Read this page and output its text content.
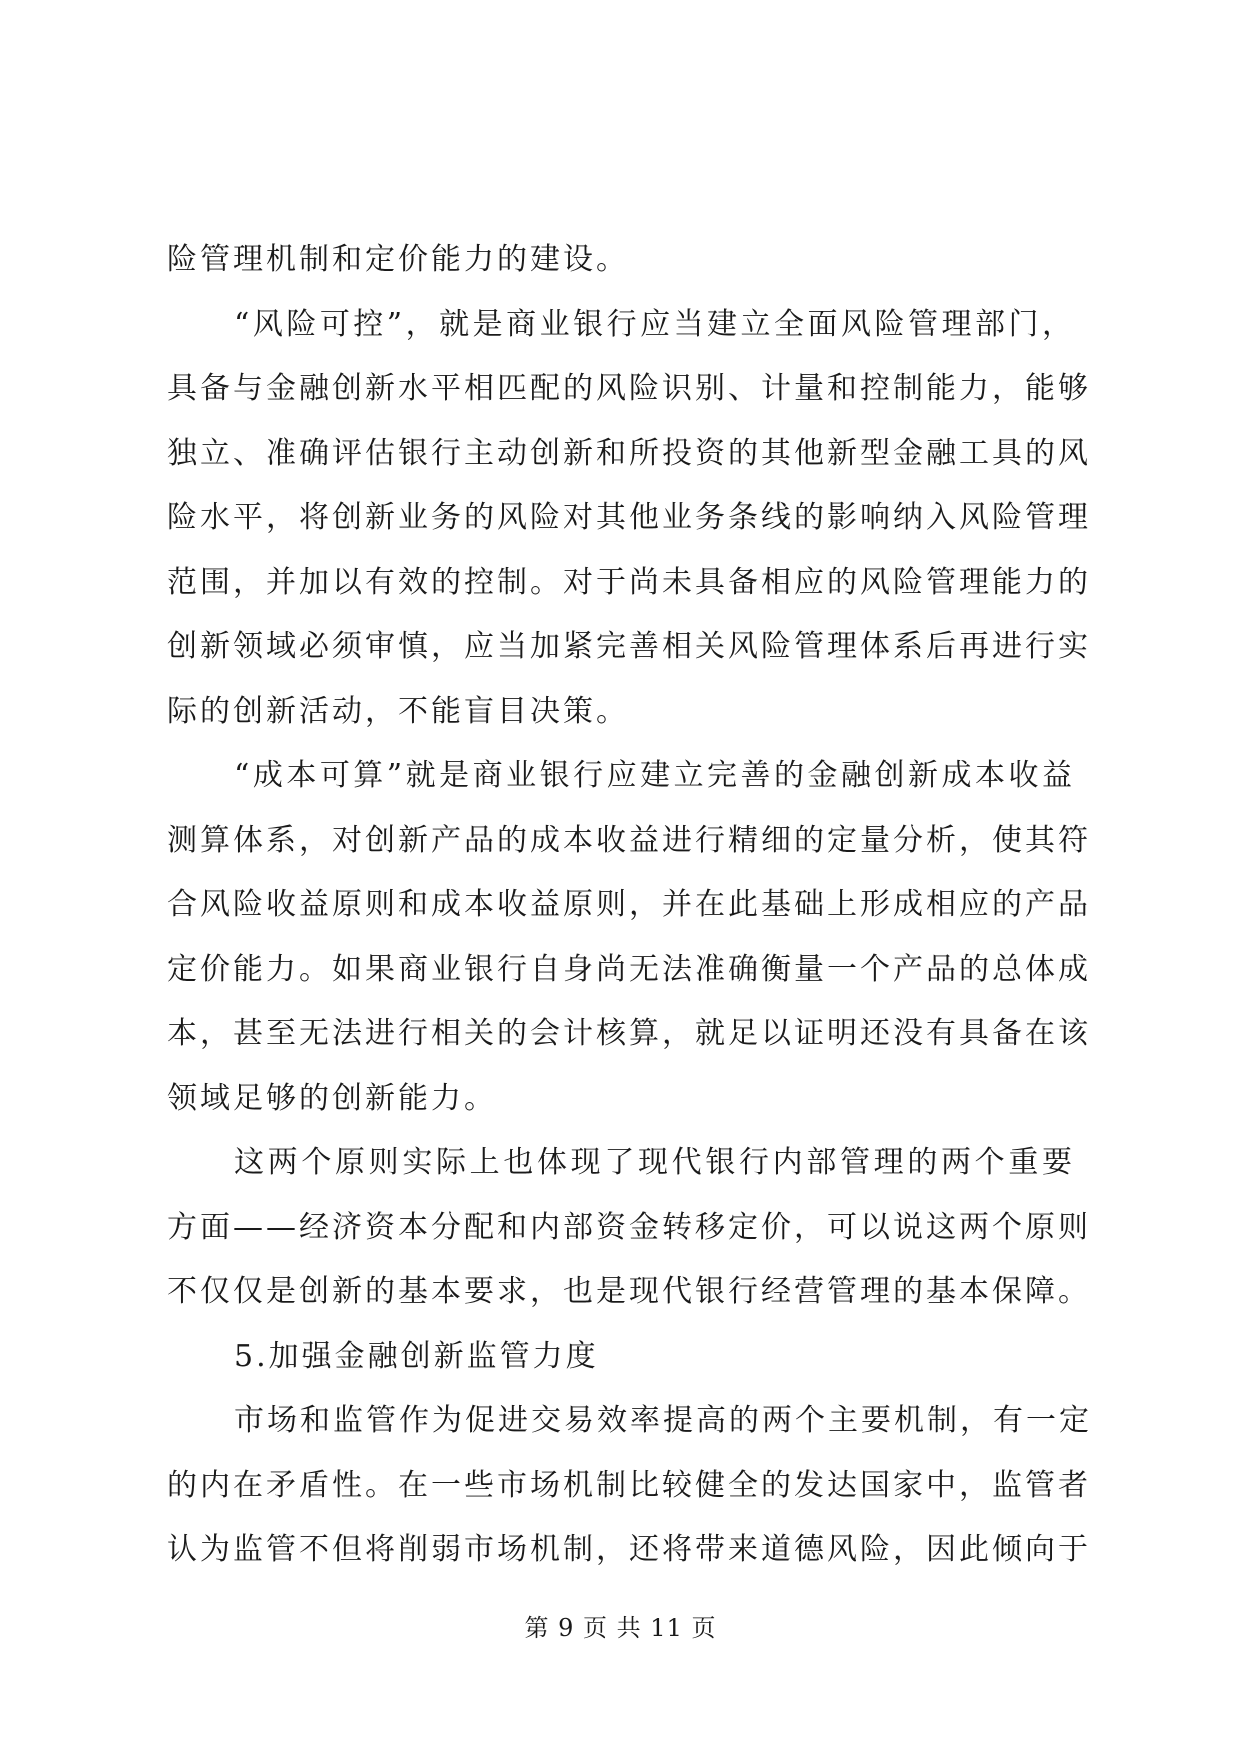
险管理机制和定价能力的建设。

“风险可控”，就是商业银行应当建立全面风险管理部门，
具备与金融创新水平相匹配的风险识别、计量和控制能力，能够
独立、准确评估银行主动创新和所投资的其他新型金融工具的风
险水平，将创新业务的风险对其他业务条线的影响纳入风险管理
范围，并加以有效的控制。对于尚未具备相应的风险管理能力的
创新领域必须审慎，应当加紧完善相关风险管理体系后再进行实
际的创新活动，不能盲目决策。

“成本可算”就是商业银行应建立完善的金融创新成本收益
测算体系，对创新产品的成本收益进行精细的定量分析，使其符
合风险收益原则和成本收益原则，并在此基础上形成相应的产品
定价能力。如果商业银行自身尚无法准确衡量一个产品的总体成
本，甚至无法进行相关的会计核算，就足以证明还没有具备在该
领域足够的创新能力。

这两个原则实际上也体现了现代银行内部管理的两个重要
方面——经济资本分配和内部资金转移定价，可以说这两个原则
不仅仅是创新的基本要求，也是现代银行经营管理的基本保障。

5.加强金融创新监管力度

市场和监管作为促进交易效率提高的两个主要机制，有一定
的内在矛盾性。在一些市场机制比较健全的发达国家中，监管者
认为监管不但将削弱市场机制，还将带来道德风险，因此倾向于

第 9 页 共 11 页
